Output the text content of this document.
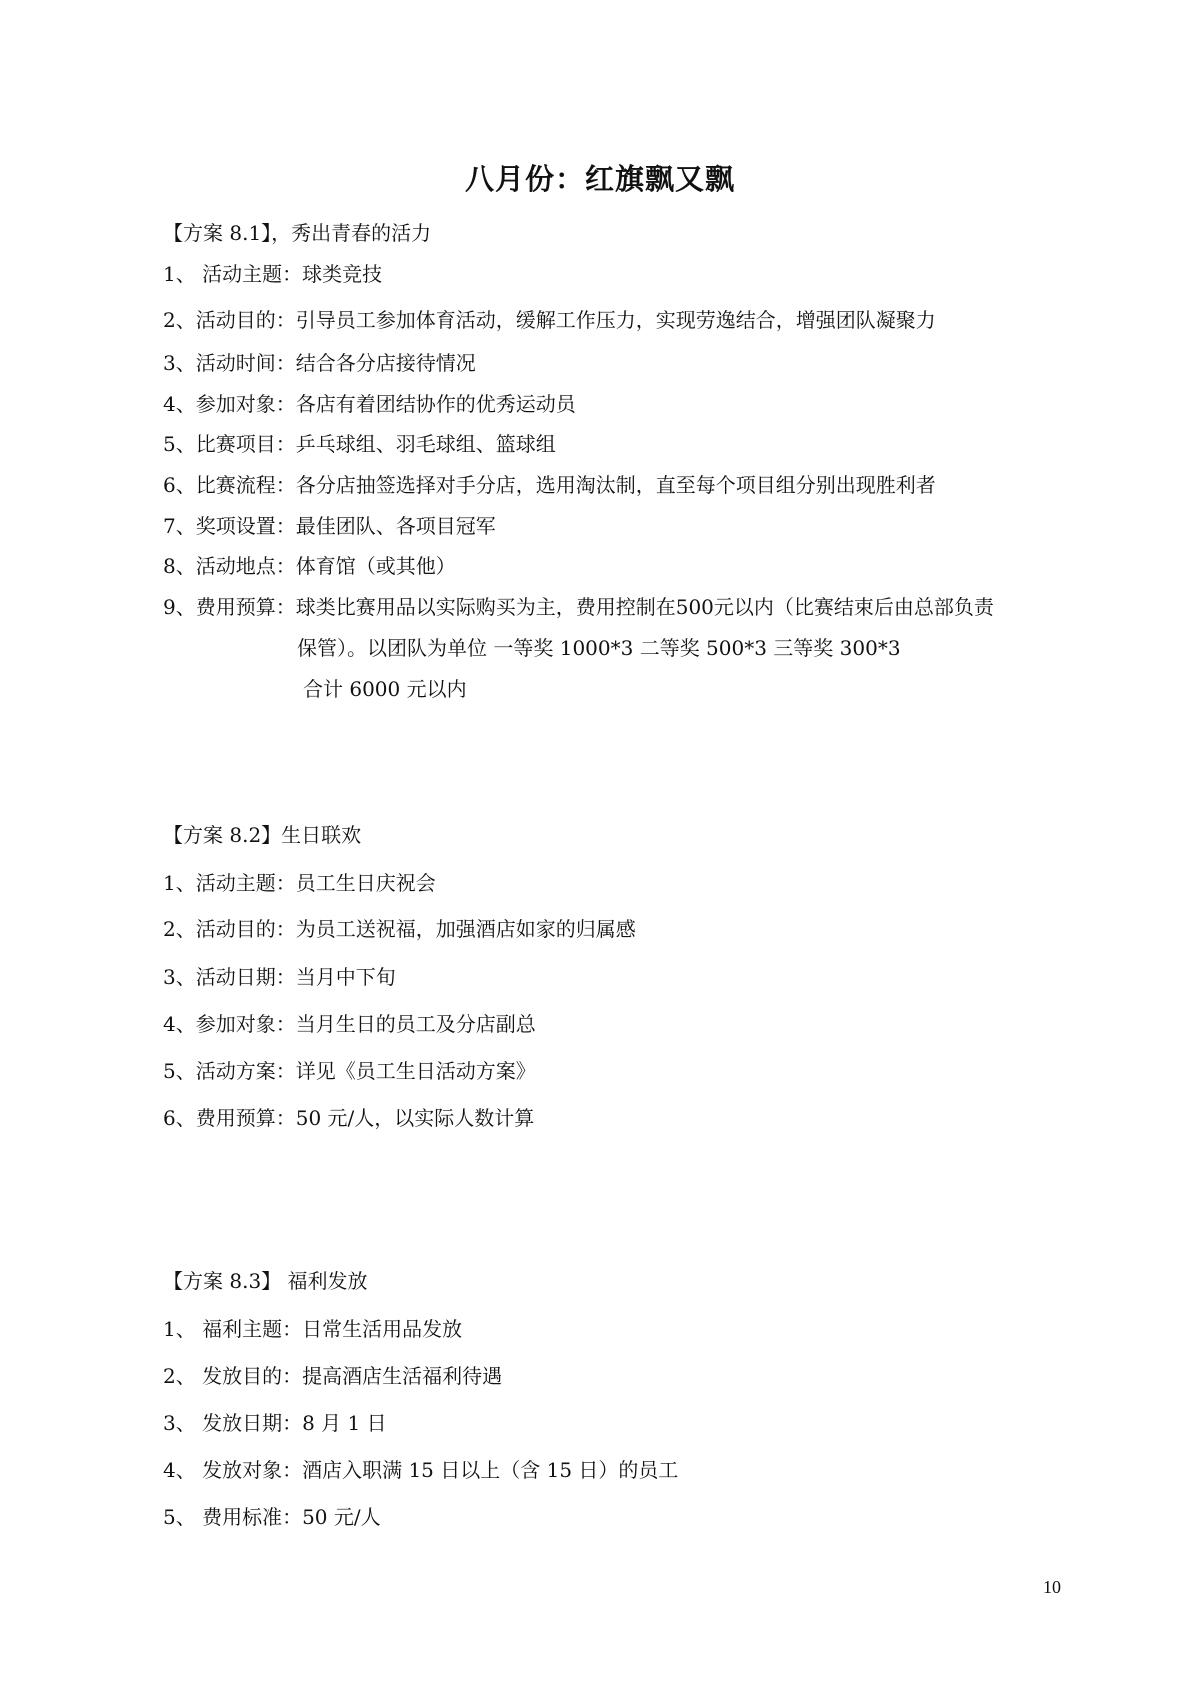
八月份：红旗飘又飘
【方案 8.1】，秀出青春的活力
1、 活动主题：球类竞技
2、活动目的：引导员工参加体育活动，缓解工作压力，实现劳逸结合，增强团队凝聚力
3、活动时间：结合各分店接待情况
4、参加对象：各店有着团结协作的优秀运动员
5、比赛项目：乒乓球组、羽毛球组、篮球组
6、比赛流程：各分店抽签选择对手分店，选用淘汰制，直至每个项目组分别出现胜利者
7、奖项设置：最佳团队、各项目冠军
8、活动地点：体育馆（或其他）
9、费用预算：球类比赛用品以实际购买为主，费用控制在500元以内（比赛结束后由总部负责
保管）。以团队为单位 一等奖 1000*3 二等奖 500*3 三等奖 300*3
合计 6000 元以内
【方案 8.2】生日联欢
1、活动主题：员工生日庆祝会
2、活动目的：为员工送祝福，加强酒店如家的归属感
3、活动日期：当月中下旬
4、参加对象：当月生日的员工及分店副总
5、活动方案：详见《员工生日活动方案》
6、费用预算：50 元/人，以实际人数计算
【方案 8.3】 福利发放
1、 福利主题：日常生活用品发放
2、 发放目的：提高酒店生活福利待遇
3、 发放日期：8 月 1 日
4、 发放对象：酒店入职满 15 日以上（含 15 日）的员工
5、 费用标准：50 元/人
10
